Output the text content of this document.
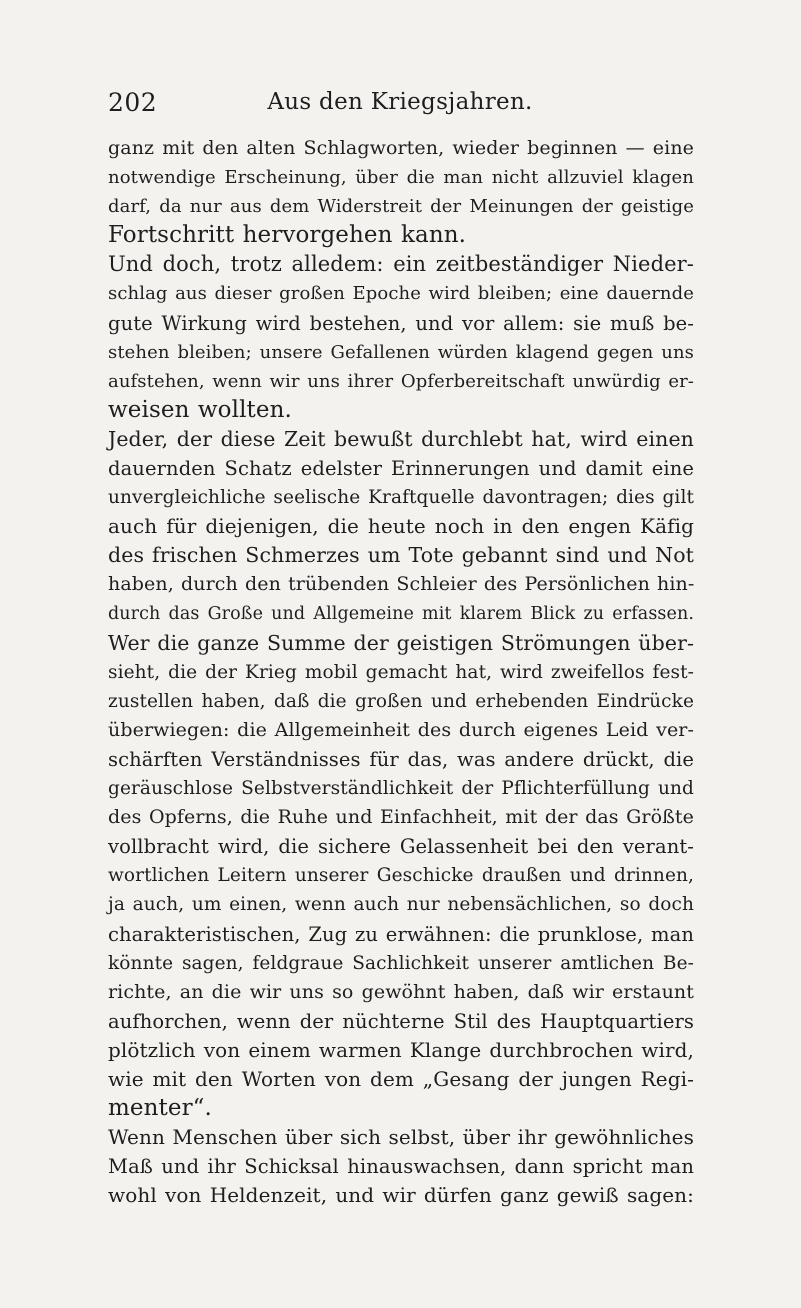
202	Aus den Kriegsjahren.
ganz mit den alten Schlagworten, wieder beginnen — eine
notwendige Erscheinung, über die man nicht allzuviel klagen
darf, da nur aus dem Widerstreit der Meinungen der geistige
Fortschritt hervorgehen kann.
Und doch, trotz alledem: ein zeitbeständiger Nieder-
schlag aus dieser großen Epoche wird bleiben; eine dauernde
gute Wirkung wird bestehen, und vor allem: sie muß be-
stehen bleiben; unsere Gefallenen würden klagend gegen uns
aufstehen, wenn wir uns ihrer Opferbereitschaft unwürdig er-
weisen wollten.
Jeder, der diese Zeit bewußt durchlebt hat, wird einen
dauernden Schatz edelster Erinnerungen und damit eine
unvergleichliche seelische Kraftquelle davontragen; dies gilt
auch für diejenigen, die heute noch in den engen Käfig
des frischen Schmerzes um Tote gebannt sind und Not
haben, durch den trübenden Schleier des Persönlichen hin-
durch das Große und Allgemeine mit klarem Blick zu erfassen.
Wer die ganze Summe der geistigen Strömungen über-
sieht, die der Krieg mobil gemacht hat, wird zweifellos fest-
zustellen haben, daß die großen und erhebenden Eindrücke
überwiegen: die Allgemeinheit des durch eigenes Leid ver-
schärften Verständnisses für das, was andere drückt, die
geräuschlose Selbstverständlichkeit der Pflichterfüllung und
des Opferns, die Ruhe und Einfachheit, mit der das Größte
vollbracht wird, die sichere Gelassenheit bei den verant-
wortlichen Leitern unserer Geschicke draußen und drinnen,
ja auch, um einen, wenn auch nur nebensächlichen, so doch
charakteristischen, Zug zu erwähnen: die prunklose, man
könnte sagen, feldgraue Sachlichkeit unserer amtlichen Be-
richte, an die wir uns so gewöhnt haben, daß wir erstaunt
aufhorchen, wenn der nüchterne Stil des Hauptquartiers
plötzlich von einem warmen Klange durchbrochen wird,
wie mit den Worten von dem „Gesang der jungen Regi-
menter“.
Wenn Menschen über sich selbst, über ihr gewöhnliches
Maß und ihr Schicksal hinauswachsen, dann spricht man
wohl von Heldenzeit, und wir dürfen ganz gewiß sagen:
